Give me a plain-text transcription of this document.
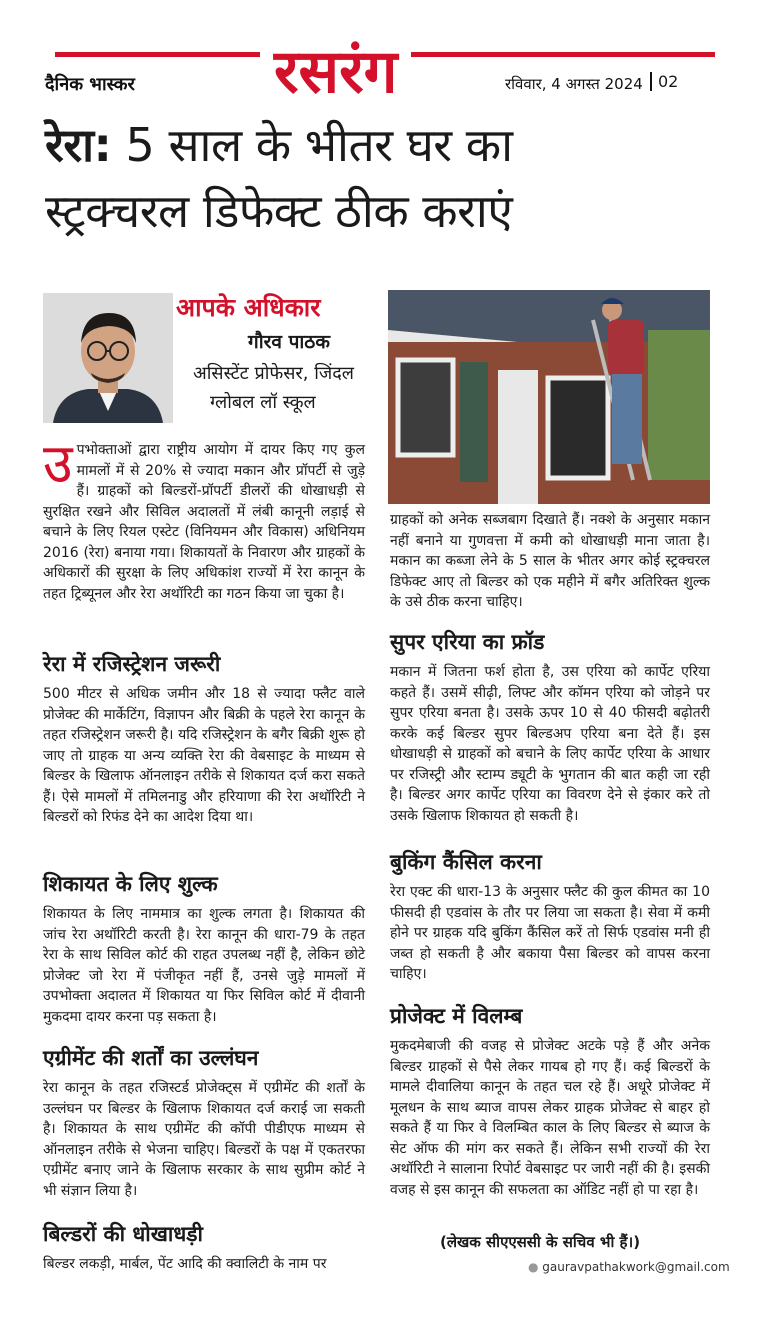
दैनिक भास्कर रसरंग	रविवार, 4 अगस्त 2024 02
रेरा: 5 साल के भीतर घर का
स्ट्रक्चरल डिफेक्ट ठीक कराएं
आपके अधिकार
गौरव पाठक
असिस्टेंट प्रोफेसर, जिंदल
ग्लोबल लॉ स्कूल
उपभोक्ताओं द्वारा राष्ट्रीय आयोग में दायर किए गए कुल मामलों में से 20% से ज्यादा मकान और प्रॉपर्टी से जुड़े हैं। ग्राहकों को बिल्डरों-प्रॉपर्टी डीलरों की धोखाधड़ी से सुरक्षित रखने और सिविल अदालतों में लंबी कानूनी लड़ाई से बचाने के लिए रियल एस्टेट (विनियमन और विकास) अधिनियम 2016 (रेरा) बनाया गया। शिकायतों के निवारण और ग्राहकों के अधिकारों की सुरक्षा के लिए अधिकांश राज्यों में रेरा कानून के तहत ट्रिब्यूनल और रेरा अथॉरिटी का गठन किया जा चुका है।
रेरा में रजिस्ट्रेशन जरूरी
500 मीटर से अधिक जमीन और 18 से ज्यादा फ्लैट वाले प्रोजेक्ट की मार्केटिंग, विज्ञापन और बिक्री के पहले रेरा कानून के तहत रजिस्ट्रेशन जरूरी है। यदि रजिस्ट्रेशन के बगैर बिक्री शुरू हो जाए तो ग्राहक या अन्य व्यक्ति रेरा की वेबसाइट के माध्यम से बिल्डर के खिलाफ ऑनलाइन तरीके से शिकायत दर्ज करा सकते हैं। ऐसे मामलों में तमिलनाडु और हरियाणा की रेरा अथॉरिटी ने बिल्डरों को रिफंड देने का आदेश दिया था।
शिकायत के लिए शुल्क
शिकायत के लिए नाममात्र का शुल्क लगता है। शिकायत की जांच रेरा अथॉरिटी करती है। रेरा कानून की धारा-79 के तहत रेरा के साथ सिविल कोर्ट की राहत उपलब्ध नहीं है, लेकिन छोटे प्रोजेक्ट जो रेरा में पंजीकृत नहीं हैं, उनसे जुड़े मामलों में उपभोक्ता अदालत में शिकायत या फिर सिविल कोर्ट में दीवानी मुकदमा दायर करना पड़ सकता है।
एग्रीमेंट की शर्तों का उल्लंघन
रेरा कानून के तहत रजिस्टर्ड प्रोजेक्ट्स में एग्रीमेंट की शर्तों के उल्लंघन पर बिल्डर के खिलाफ शिकायत दर्ज कराई जा सकती है। शिकायत के साथ एग्रीमेंट की कॉपी पीडीएफ माध्यम से ऑनलाइन तरीके से भेजना चाहिए। बिल्डरों के पक्ष में एकतरफा एग्रीमेंट बनाए जाने के खिलाफ सरकार के साथ सुप्रीम कोर्ट ने भी संज्ञान लिया है।
बिल्डरों की धोखाधड़ी
बिल्डर लकड़ी, मार्बल, पेंट आदि की क्वालिटी के नाम पर
ग्राहकों को अनेक सब्जबाग दिखाते हैं। नक्शे के अनुसार मकान नहीं बनाने या गुणवत्ता में कमी को धोखाधड़ी माना जाता है। मकान का कब्जा लेने के 5 साल के भीतर अगर कोई स्ट्रक्चरल डिफेक्ट आए तो बिल्डर को एक महीने में बगैर अतिरिक्त शुल्क के उसे ठीक करना चाहिए।
सुपर एरिया का फ्रॉड
मकान में जितना फर्श होता है, उस एरिया को कार्पेट एरिया कहते हैं। उसमें सीढ़ी, लिफ्ट और कॉमन एरिया को जोड़ने पर सुपर एरिया बनता है। उसके ऊपर 10 से 40 फीसदी बढ़ोतरी करके कई बिल्डर सुपर बिल्डअप एरिया बना देते हैं। इस धोखाधड़ी से ग्राहकों को बचाने के लिए कार्पेट एरिया के आधार पर रजिस्ट्री और स्टाम्प ड्यूटी के भुगतान की बात कही जा रही है। बिल्डर अगर कार्पेट एरिया का विवरण देने से इंकार करे तो उसके खिलाफ शिकायत हो सकती है।
बुकिंग कैंसिल करना
रेरा एक्ट की धारा-13 के अनुसार फ्लैट की कुल कीमत का 10 फीसदी ही एडवांस के तौर पर लिया जा सकता है। सेवा में कमी होने पर ग्राहक यदि बुकिंग कैंसिल करें तो सिर्फ एडवांस मनी ही जब्त हो सकती है और बकाया पैसा बिल्डर को वापस करना चाहिए।
प्रोजेक्ट में विलम्ब
मुकदमेबाजी की वजह से प्रोजेक्ट अटके पड़े हैं और अनेक बिल्डर ग्राहकों से पैसे लेकर गायब हो गए हैं। कई बिल्डरों के मामले दीवालिया कानून के तहत चल रहे हैं। अधूरे प्रोजेक्ट में मूलधन के साथ ब्याज वापस लेकर ग्राहक प्रोजेक्ट से बाहर हो सकते हैं या फिर वे विलम्बित काल के लिए बिल्डर से ब्याज के सेट ऑफ की मांग कर सकते हैं। लेकिन सभी राज्यों की रेरा अथॉरिटी ने सालाना रिपोर्ट वेबसाइट पर जारी नहीं की है। इसकी वजह से इस कानून की सफलता का ऑडिट नहीं हो पा रहा है।
(लेखक सीएएससी के सचिव भी हैं।)
● gauravpathakwork@gmail.com
